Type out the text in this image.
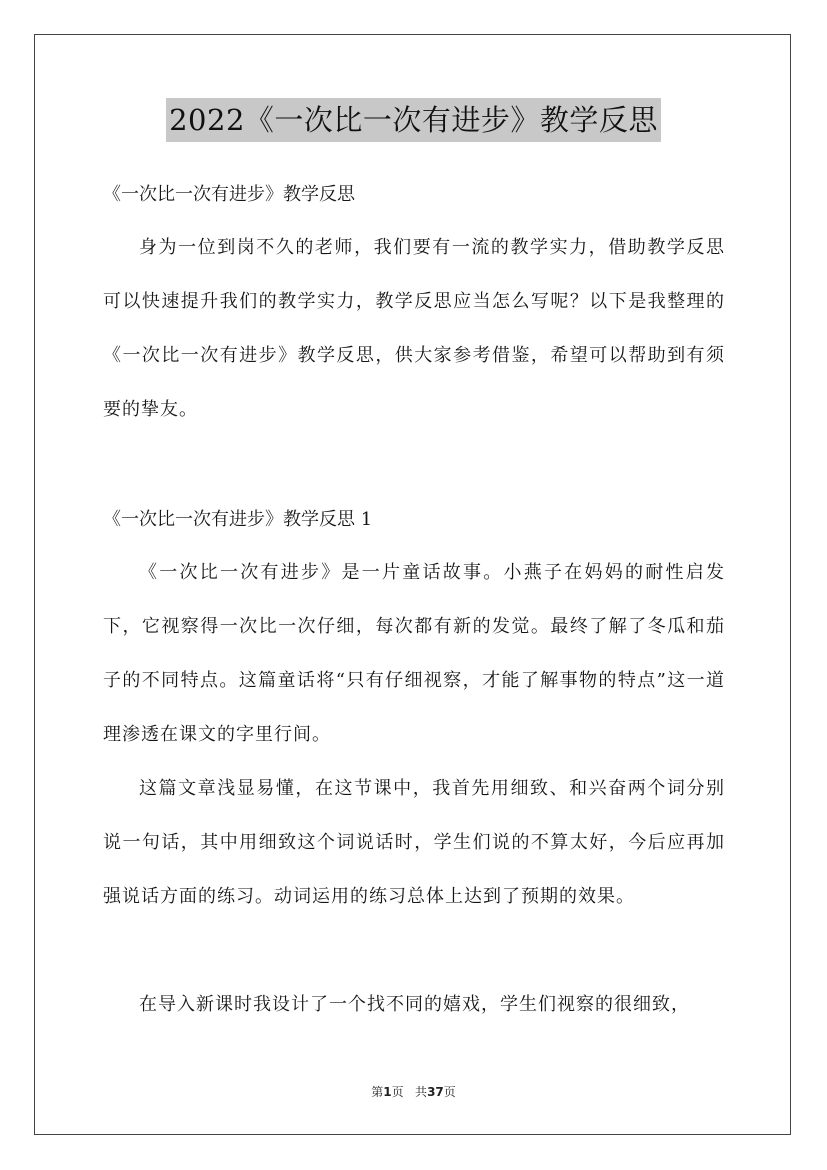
2022《一次比一次有进步》教学反思
《一次比一次有进步》教学反思
身为一位到岗不久的老师，我们要有一流的教学实力，借助教学反思可以快速提升我们的教学实力，教学反思应当怎么写呢？以下是我整理的《一次比一次有进步》教学反思，供大家参考借鉴，希望可以帮助到有须要的挚友。
《一次比一次有进步》教学反思 1
《一次比一次有进步》是一片童话故事。小燕子在妈妈的耐性启发下，它视察得一次比一次仔细，每次都有新的发觉。最终了解了冬瓜和茄子的不同特点。这篇童话将“只有仔细视察，才能了解事物的特点”这一道理渗透在课文的字里行间。
这篇文章浅显易懂，在这节课中，我首先用细致、和兴奋两个词分别说一句话，其中用细致这个词说话时，学生们说的不算太好，今后应再加强说话方面的练习。动词运用的练习总体上达到了预期的效果。
在导入新课时我设计了一个找不同的嬉戏，学生们视察的很细致，
第1页 共37页
